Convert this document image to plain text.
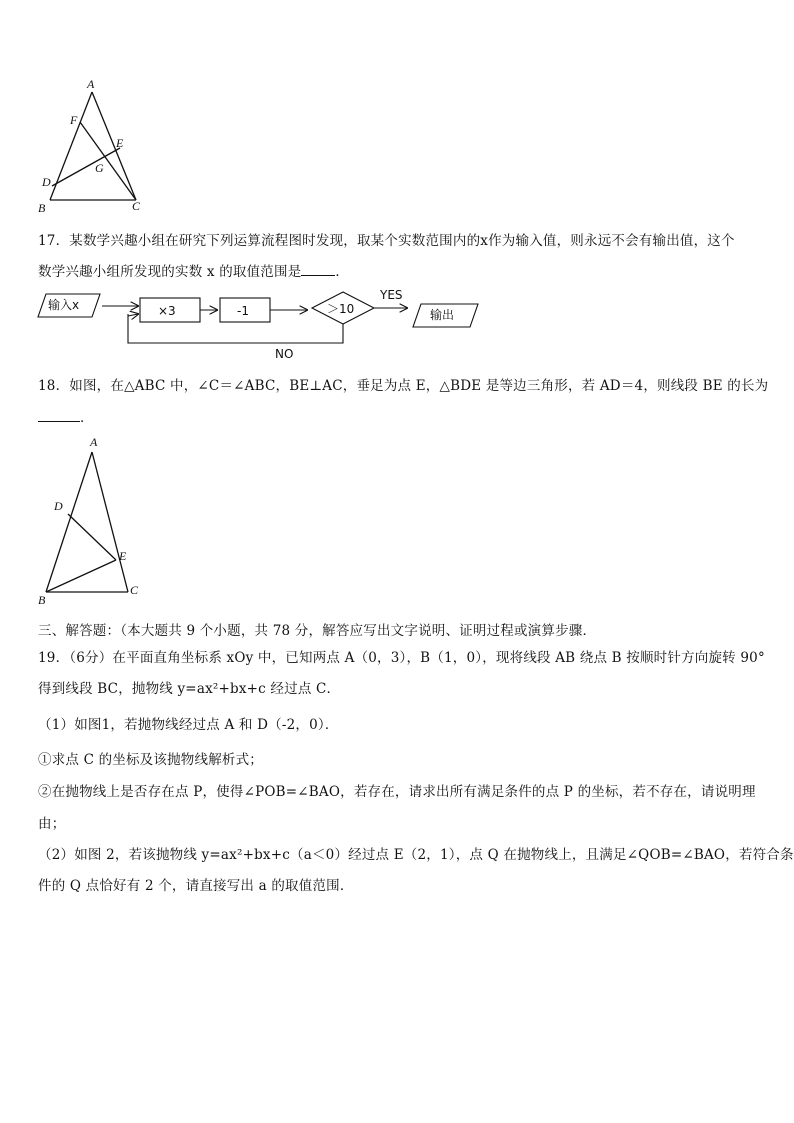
A
F
E
G
D
B	C
17．某数学兴趣小组在研究下列运算流程图时发现，取某个实数范围内的x作为输入值，则永远不会有输出值，这个
数学兴趣小组所发现的实数 x 的取值范围是	．
输入x	×3	-1	＞10
YES
输出
NO
18．如图，在△ABC 中，∠C＝∠ABC，BE⊥AC，垂足为点 E，△BDE 是等边三角形，若 AD＝4，则线段 BE 的长为
．
A
D
E
B
C
三、解答题：（本大题共 9 个小题，共 78 分，解答应写出文字说明、证明过程或演算步骤．
19．（6分）在平面直角坐标系 xOy 中，已知两点 A（0，3），B（1，0），现将线段 AB 绕点 B 按顺时针方向旋转 90°
得到线段 BC，抛物线 y=ax²+bx+c 经过点 C．
（1）如图1，若抛物线经过点 A 和 D（-2，0）．
①求点 C 的坐标及该抛物线解析式；
②在抛物线上是否存在点 P，使得∠POB=∠BAO，若存在，请求出所有满足条件的点 P 的坐标，若不存在，请说明理
由；
（2）如图 2，若该抛物线 y=ax²+bx+c（a＜0）经过点 E（2，1），点 Q 在抛物线上，且满足∠QOB=∠BAO，若符合条
件的 Q 点恰好有 2 个，请直接写出 a 的取值范围．
